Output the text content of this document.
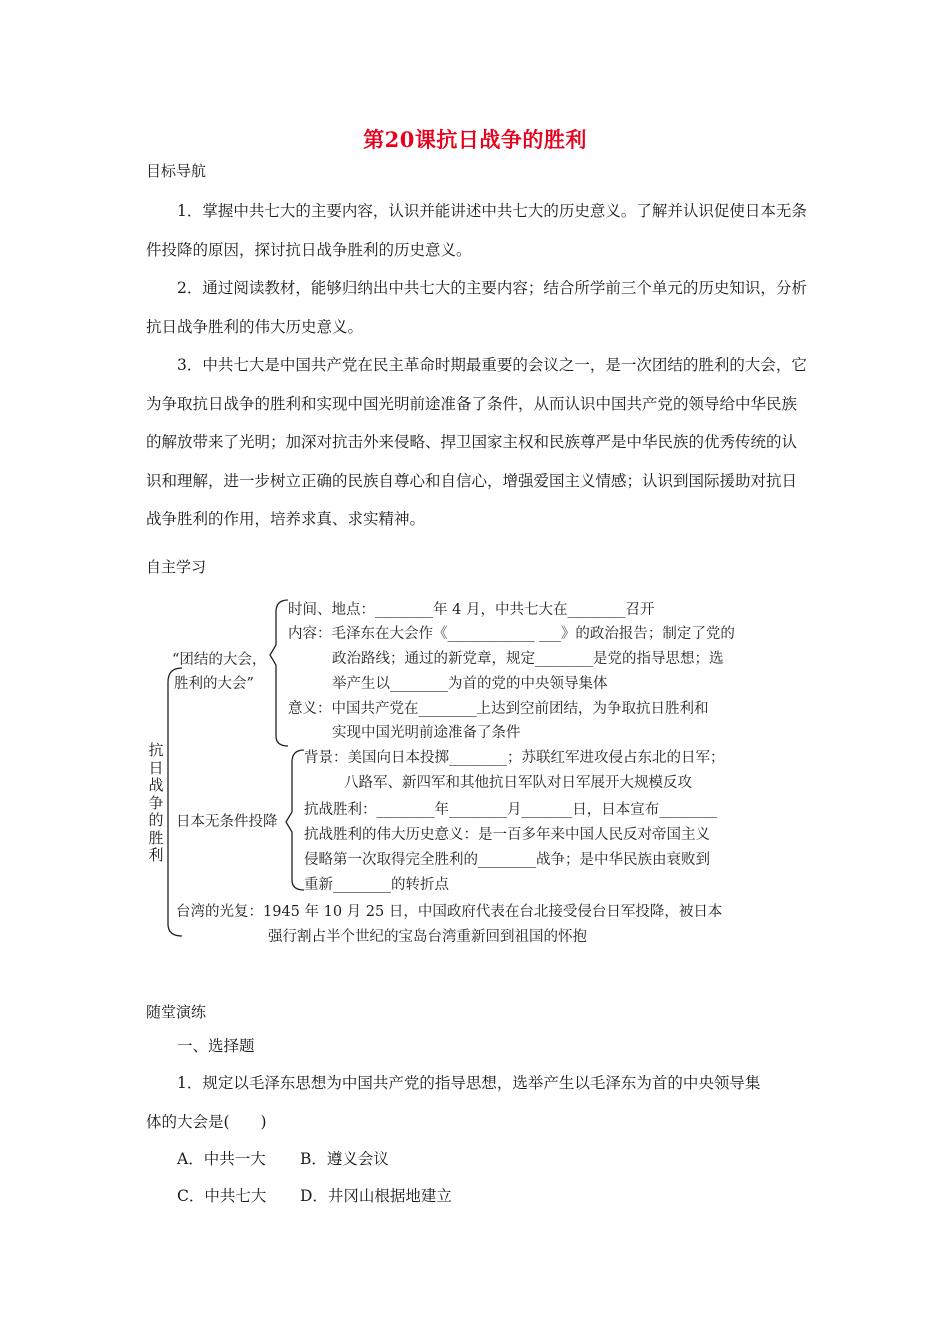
第20课抗日战争的胜利
目标导航
1．掌握中共七大的主要内容，认识并能讲述中共七大的历史意义。了解并认识促使日本无条件投降的原因，探讨抗日战争胜利的历史意义。
2．通过阅读教材，能够归纳出中共七大的主要内容；结合所学前三个单元的历史知识，分析抗日战争胜利的伟大历史意义。
3．中共七大是中国共产党在民主革命时期最重要的会议之一，是一次团结的胜利的大会，它为争取抗日战争的胜利和实现中国光明前途准备了条件，从而认识中国共产党的领导给中华民族的解放带来了光明；加深对抗击外来侵略、捍卫国家主权和民族尊严是中华民族的优秀传统的认识和理解，进一步树立正确的民族自尊心和自信心，增强爱国主义情感；认识到国际援助对抗日战争胜利的作用，培养求真、求实精神。
自主学习
抗日战争的胜利
“团结的大会，
胜利的大会”
时间、地点：________年 4 月，中共七大在________召开
内容：毛泽东在大会作《____________ ___》的政治报告；制定了党的
政治路线；通过的新党章，规定________是党的指导思想；选
举产生以________为首的党的中央领导集体
意义：中国共产党在________上达到空前团结，为争取抗日胜利和
实现中国光明前途准备了条件
日本无条件投降
背景：美国向日本投掷________；苏联红军进攻侵占东北的日军；
八路军、新四军和其他抗日军队对日军展开大规模反攻
抗战胜利：________年________月_______日，日本宣布________
抗战胜利的伟大历史意义：是一百多年来中国人民反对帝国主义
侵略第一次取得完全胜利的________战争；是中华民族由衰败到
重新________的转折点
台湾的光复：1945 年 10 月 25 日，中国政府代表在台北接受侵台日军投降，被日本
强行割占半个世纪的宝岛台湾重新回到祖国的怀抱
随堂演练
一、选择题
1．规定以毛泽东思想为中国共产党的指导思想，选举产生以毛泽东为首的中央领导集
体的大会是(　　)
A．中共一大 B．遵义会议
C．中共七大 D．井冈山根据地建立
